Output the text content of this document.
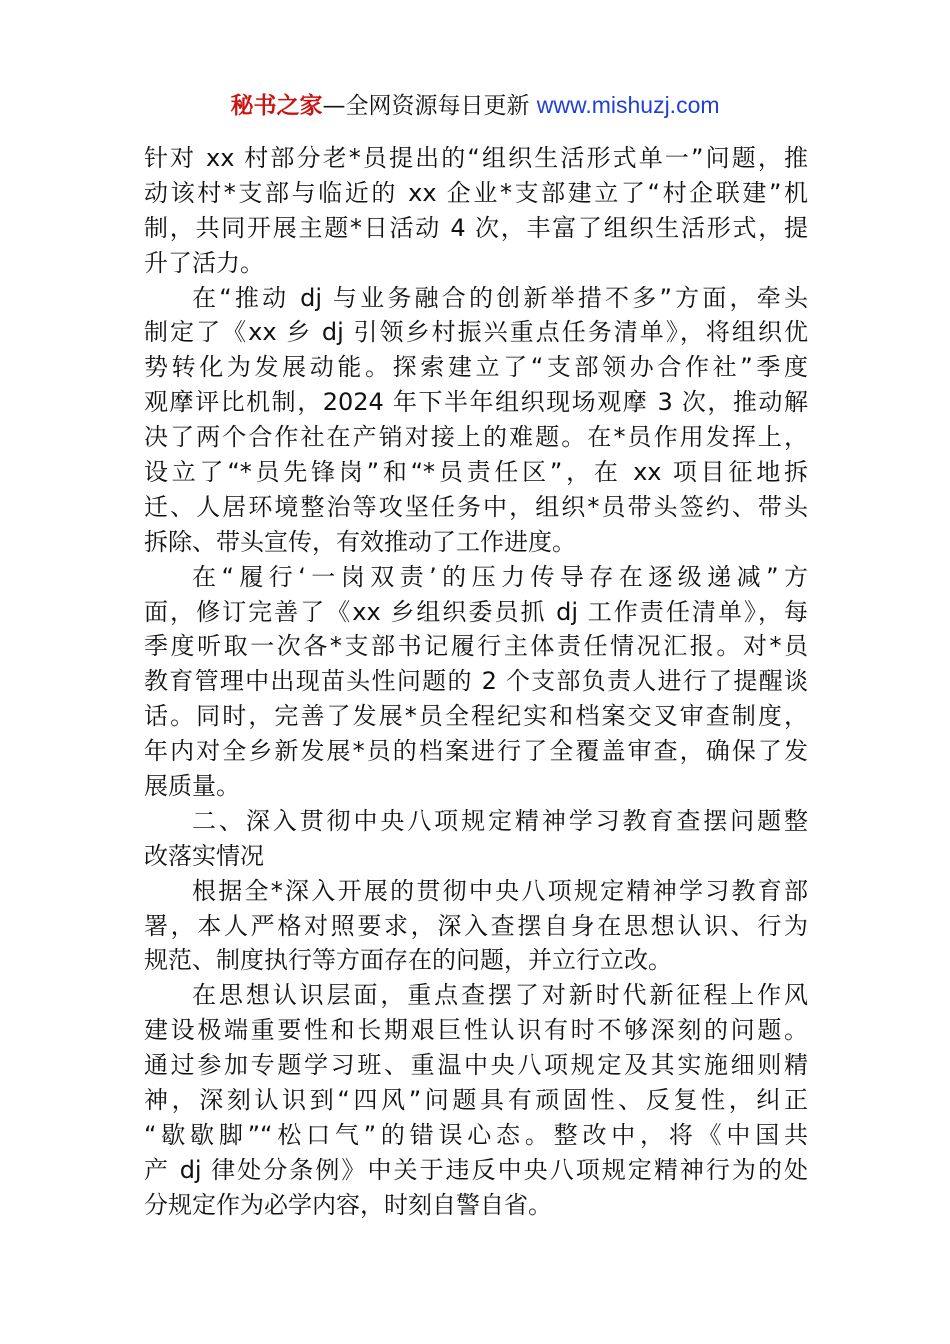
秘书之家—全网资源每日更新 www.mishuzj.com
针对 xx 村部分老*员提出的“组织生活形式单一”问题，推
动该村*支部与临近的 xx 企业*支部建立了“村企联建”机
制，共同开展主题*日活动 4 次，丰富了组织生活形式，提
升了活力。
在“推动 dj 与业务融合的创新举措不多”方面，牵头
制定了《xx 乡 dj 引领乡村振兴重点任务清单》，将组织优
势转化为发展动能。探索建立了“支部领办合作社”季度
观摩评比机制，2024 年下半年组织现场观摩 3 次，推动解
决了两个合作社在产销对接上的难题。在*员作用发挥上，
设立了“*员先锋岗”和“*员责任区”，在 xx 项目征地拆
迁、人居环境整治等攻坚任务中，组织*员带头签约、带头
拆除、带头宣传，有效推动了工作进度。
在“履行‘一岗双责’的压力传导存在逐级递减”方
面，修订完善了《xx 乡组织委员抓 dj 工作责任清单》，每
季度听取一次各*支部书记履行主体责任情况汇报。对*员
教育管理中出现苗头性问题的 2 个支部负责人进行了提醒谈
话。同时，完善了发展*员全程纪实和档案交叉审查制度，
年内对全乡新发展*员的档案进行了全覆盖审查，确保了发
展质量。
二、深入贯彻中央八项规定精神学习教育查摆问题整
改落实情况
根据全*深入开展的贯彻中央八项规定精神学习教育部
署，本人严格对照要求，深入查摆自身在思想认识、行为
规范、制度执行等方面存在的问题，并立行立改。
在思想认识层面，重点查摆了对新时代新征程上作风
建设极端重要性和长期艰巨性认识有时不够深刻的问题。
通过参加专题学习班、重温中央八项规定及其实施细则精
神，深刻认识到“四风”问题具有顽固性、反复性，纠正
“歇歇脚”“松口气”的错误心态。整改中，将《中国共
产 dj 律处分条例》中关于违反中央八项规定精神行为的处
分规定作为必学内容，时刻自警自省。
